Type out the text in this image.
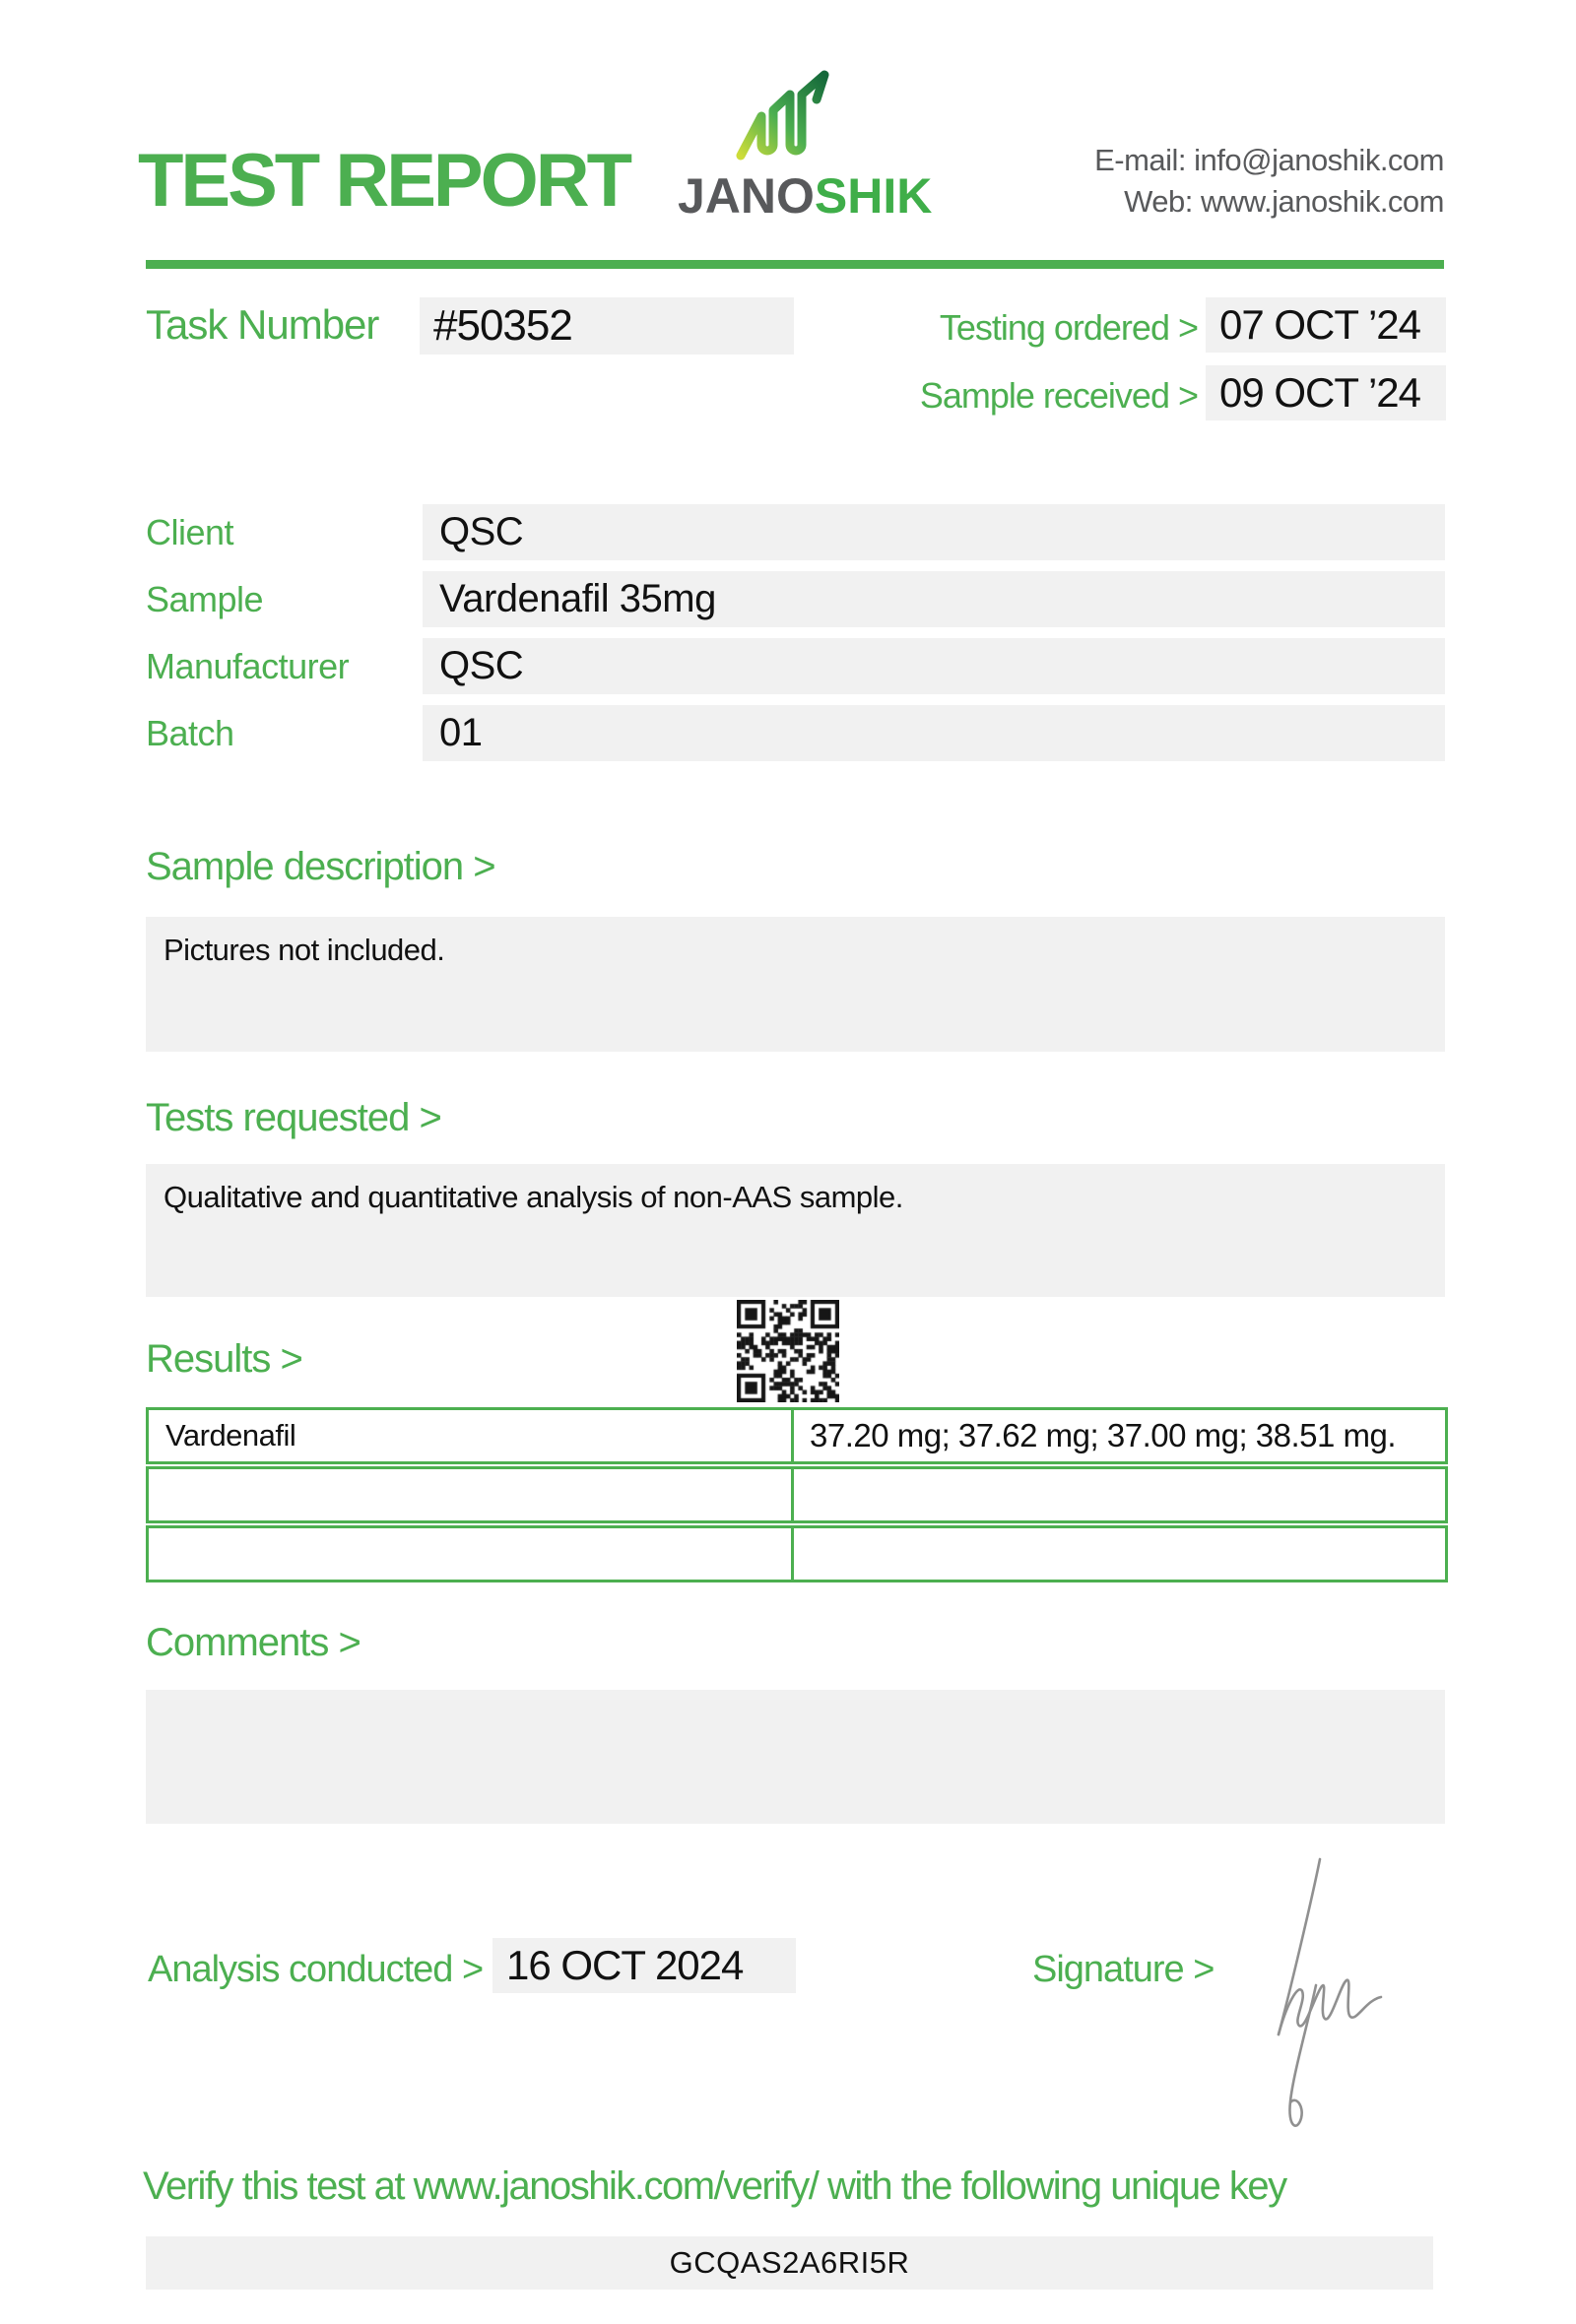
TEST REPORT JANOSHIK
E-mail: info@janoshik.com
Web: www.janoshik.com
Task Number	#50352	Testing ordered > 07 OCT ’24
Sample received > 09 OCT ’24
Client	QSC
Sample	Vardenafil 35mg
Manufacturer	QSC
Batch	01
Sample description >
Pictures not included.
Tests requested >
Qualitative and quantitative analysis of non-AAS sample.
Results >
Vardenafil	37.20 mg; 37.62 mg; 37.00 mg; 38.51 mg.
Comments >
Analysis conducted > 16 OCT 2024	Signature >
Verify this test at www.janoshik.com/verify/ with the following unique key
GCQAS2A6RI5R
